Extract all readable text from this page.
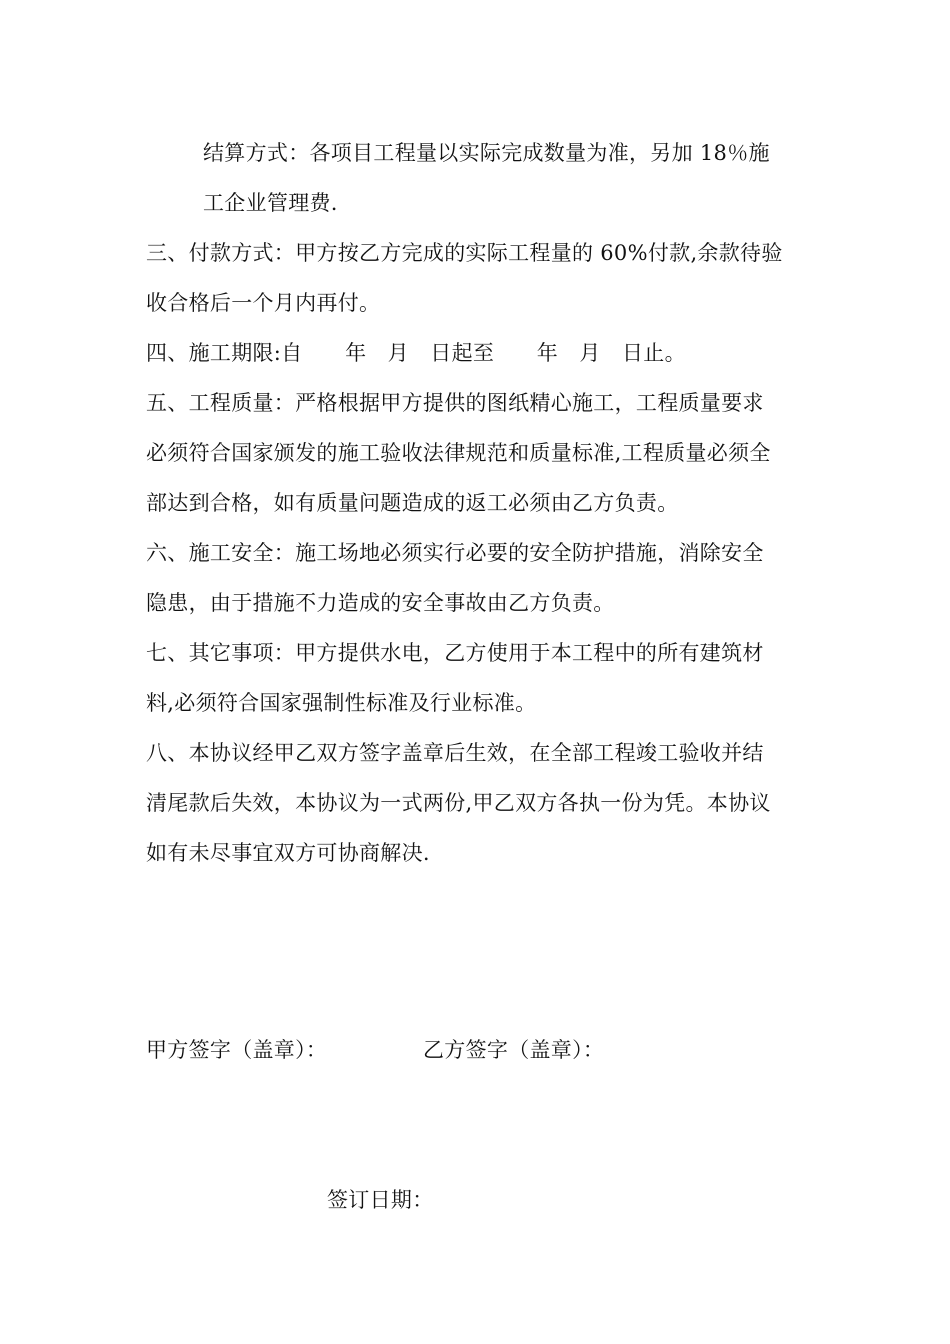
结算方式：各项目工程量以实际完成数量为准，另加 18％施
工企业管理费.
三、付款方式：甲方按乙方完成的实际工程量的 60%付款,余款待验
收合格后一个月内再付。
四、施工期限:自　　年　月　日起至　　年　月　日止。
五、工程质量：严格根据甲方提供的图纸精心施工，工程质量要求
必须符合国家颁发的施工验收法律规范和质量标准,工程质量必须全
部达到合格，如有质量问题造成的返工必须由乙方负责。
六、施工安全：施工场地必须实行必要的安全防护措施，消除安全
隐患，由于措施不力造成的安全事故由乙方负责。
七、其它事项：甲方提供水电，乙方使用于本工程中的所有建筑材
料,必须符合国家强制性标准及行业标准。
八、本协议经甲乙双方签字盖章后生效，在全部工程竣工验收并结
清尾款后失效，本协议为一式两份,甲乙双方各执一份为凭。本协议
如有未尽事宜双方可协商解决.
甲方签字（盖章）：	乙方签字（盖章）：
签订日期：
